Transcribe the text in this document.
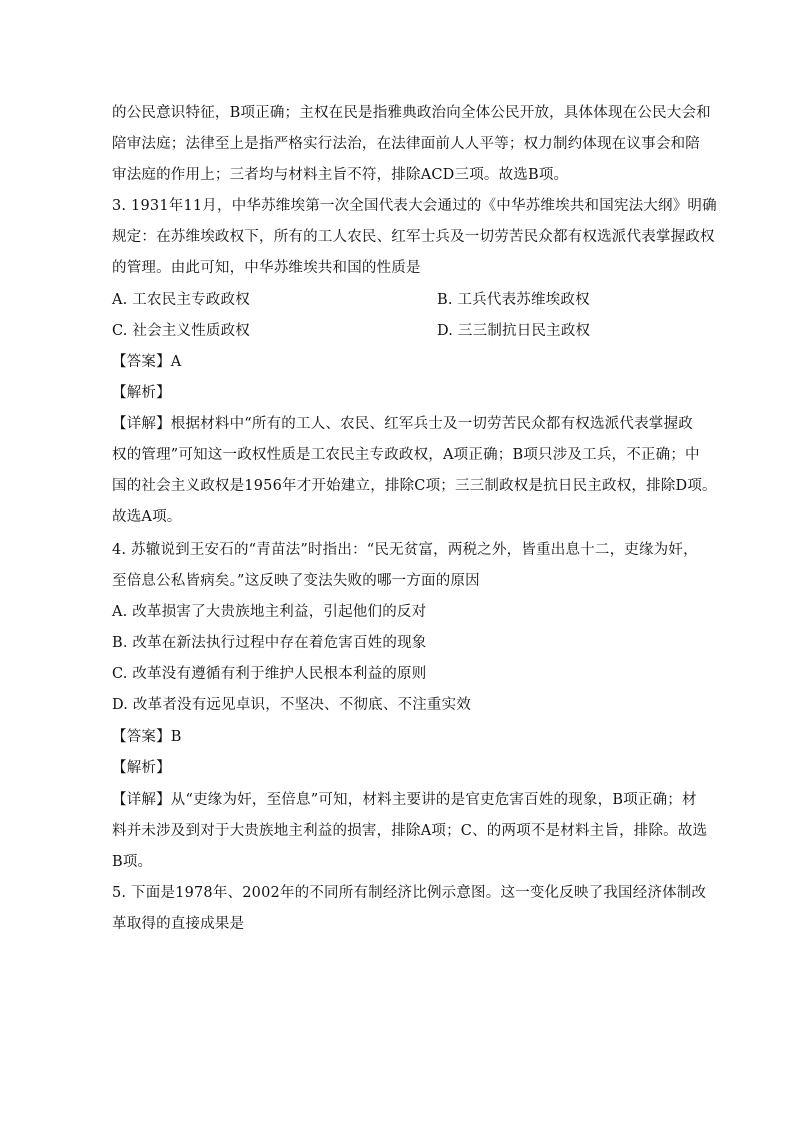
的公民意识特征，B项正确；主权在民是指雅典政治向全体公民开放，具体体现在公民大会和
陪审法庭；法律至上是指严格实行法治，在法律面前人人平等；权力制约体现在议事会和陪
审法庭的作用上；三者均与材料主旨不符，排除ACD三项。故选B项。
3. 1931年11月，中华苏维埃第一次全国代表大会通过的《中华苏维埃共和国宪法大纲》明确
规定：在苏维埃政权下，所有的工人农民、红军士兵及一切劳苦民众都有权选派代表掌握政权
的管理。由此可知，中华苏维埃共和国的性质是
A. 工农民主专政政权	B. 工兵代表苏维埃政权
C. 社会主义性质政权	D. 三三制抗日民主政权
【答案】A
【解析】
【详解】根据材料中“所有的工人、农民、红军兵士及一切劳苦民众都有权选派代表掌握政
权的管理”可知这一政权性质是工农民主专政政权，A项正确；B项只涉及工兵，不正确；中
国的社会主义政权是1956年才开始建立，排除C项；三三制政权是抗日民主政权，排除D项。
故选A项。
4. 苏辙说到王安石的“青苗法”时指出：“民无贫富，两税之外，皆重出息十二，吏缘为奸，
至倍息公私皆病矣。”这反映了变法失败的哪一方面的原因
A. 改革损害了大贵族地主利益，引起他们的反对
B. 改革在新法执行过程中存在着危害百姓的现象
C. 改革没有遵循有利于维护人民根本利益的原则
D. 改革者没有远见卓识，不坚决、不彻底、不注重实效
【答案】B
【解析】
【详解】从“吏缘为奸，至倍息”可知，材料主要讲的是官吏危害百姓的现象，B项正确；材
料并未涉及到对于大贵族地主利益的损害，排除A项；C、的两项不是材料主旨，排除。故选
B项。
5. 下面是1978年、2002年的不同所有制经济比例示意图。这一变化反映了我国经济体制改
革取得的直接成果是
